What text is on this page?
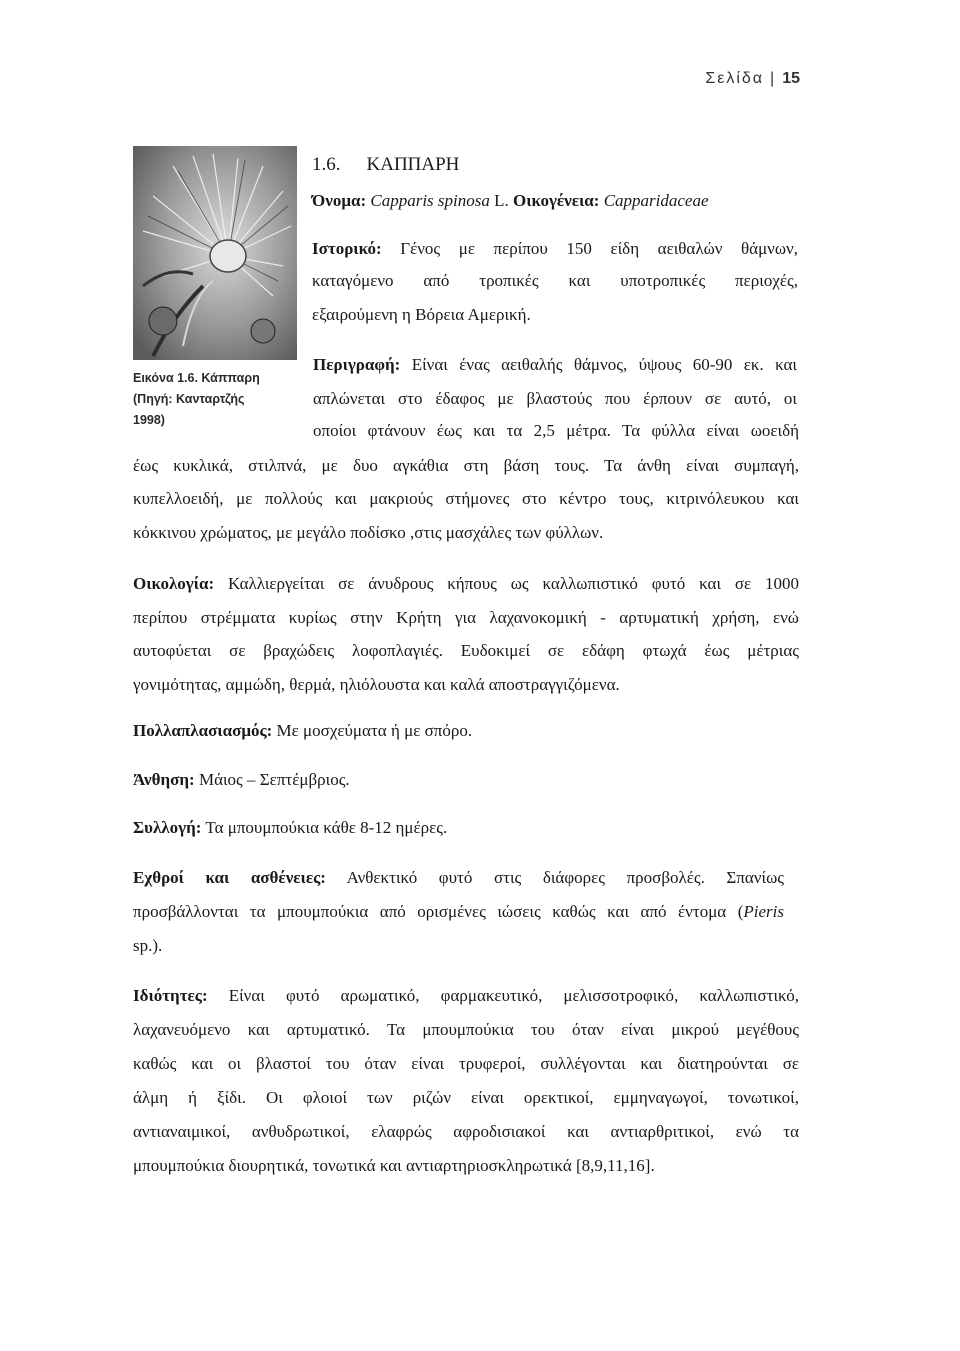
Σελίδα | 15
Εικόνα 1.6. Κάππαρη
(Πηγή: Κανταρτζής
1998)
1.6. ΚΑΠΠΑΡΗ
Όνομα: Capparis spinosa L. Οικογένεια: Capparidaceae
Ιστορικό: Γένος με περίπου 150 είδη αειθαλών θάμνων,
καταγόμενο από τροπικές και υποτροπικές περιοχές,
εξαιρούμενη η Βόρεια Αμερική.
Περιγραφή: Είναι ένας αειθαλής θάμνος, ύψους 60-90 εκ. και
απλώνεται στο έδαφος με βλαστούς που έρπουν σε αυτό, οι
οποίοι φτάνουν έως και τα 2,5 μέτρα. Τα φύλλα είναι ωοειδή
έως κυκλικά, στιλπνά, με δυο αγκάθια στη βάση τους. Τα άνθη είναι συμπαγή,
κυπελλοειδή, με πολλούς και μακριούς στήμονες στο κέντρο τους, κιτρινόλευκου και
κόκκινου χρώματος, με μεγάλο ποδίσκο ,στις μασχάλες των φύλλων.
Οικολογία: Καλλιεργείται σε άνυδρους κήπους ως καλλωπιστικό φυτό και σε 1000
περίπου στρέμματα κυρίως στην Κρήτη για λαχανοκομική - αρτυματική χρήση, ενώ
αυτοφύεται σε βραχώδεις λοφοπλαγιές. Ευδοκιμεί σε εδάφη φτωχά έως μέτριας
γονιμότητας, αμμώδη, θερμά, ηλιόλουστα και καλά αποστραγγιζόμενα.
Πολλαπλασιασμός: Με μοσχεύματα ή με σπόρο.
Άνθηση: Μάιος – Σεπτέμβριος.
Συλλογή: Τα μπουμπούκια κάθε 8-12 ημέρες.
Εχθροί και ασθένειες: Ανθεκτικό φυτό στις διάφορες προσβολές. Σπανίως
προσβάλλονται τα μπουμπούκια από ορισμένες ιώσεις καθώς και από έντομα (Pieris
sp.).
Ιδιότητες: Είναι φυτό αρωματικό, φαρμακευτικό, μελισσοτροφικό, καλλωπιστικό,
λαχανευόμενο και αρτυματικό. Τα μπουμπούκια του όταν είναι μικρού μεγέθους
καθώς και οι βλαστοί του όταν είναι τρυφεροί, συλλέγονται και διατηρούνται σε
άλμη ή ξίδι. Οι φλοιοί των ριζών είναι ορεκτικοί, εμμηναγωγοί, τονωτικοί,
αντιαναιμικοί, ανθυδρωτικοί, ελαφρώς αφροδισιακοί και αντιαρθριτικοί, ενώ τα
μπουμπούκια διουρητικά, τονωτικά και αντιαρτηριοσκληρωτικά [8,9,11,16].
